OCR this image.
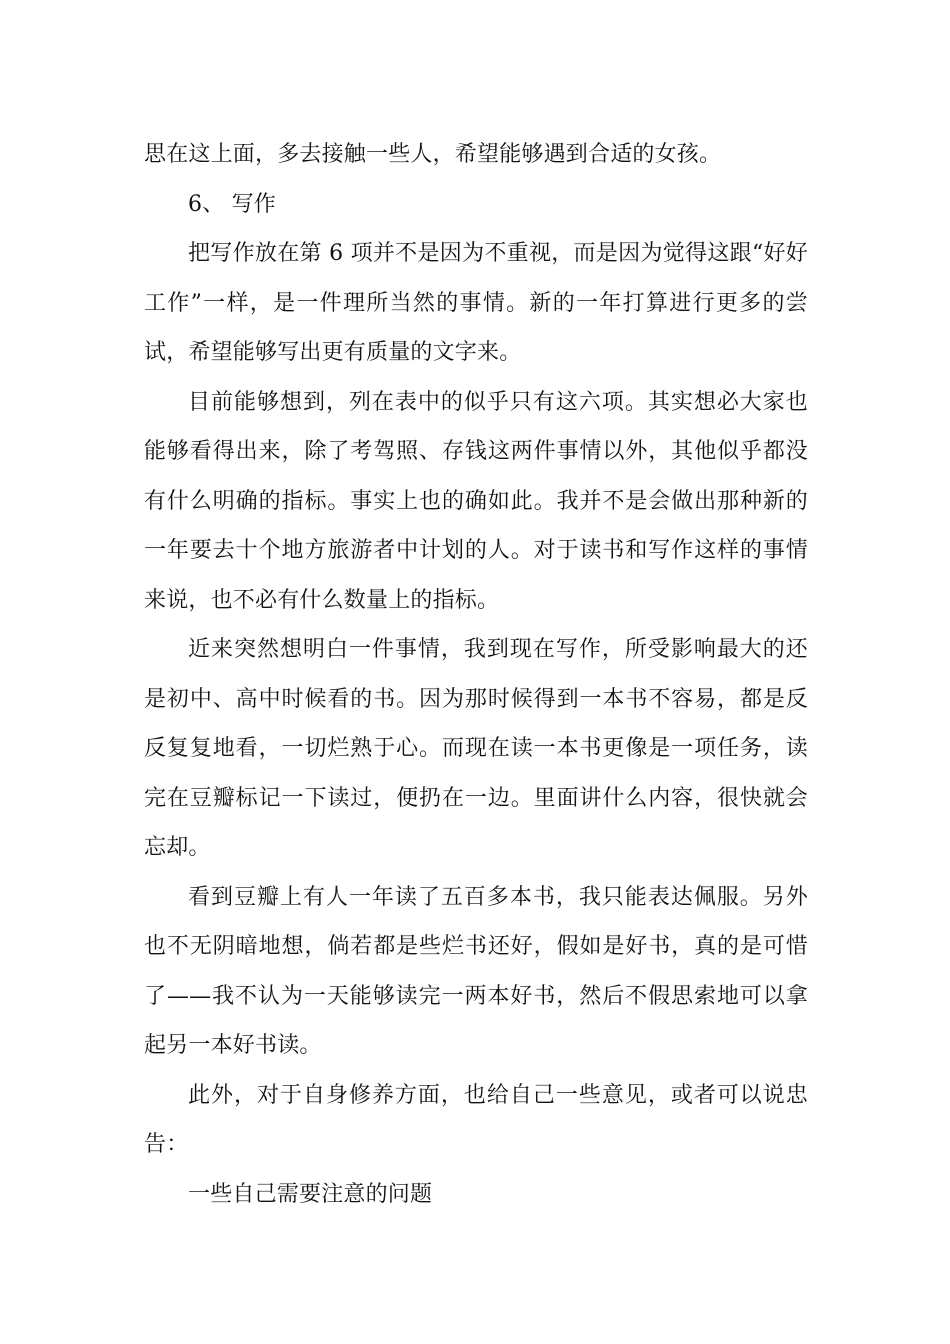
思在这上面，多去接触一些人，希望能够遇到合适的女孩。

6、 写作

把写作放在第 6 项并不是因为不重视，而是因为觉得这跟“好好工作”一样，是一件理所当然的事情。新的一年打算进行更多的尝试，希望能够写出更有质量的文字来。

目前能够想到，列在表中的似乎只有这六项。其实想必大家也能够看得出来，除了考驾照、存钱这两件事情以外，其他似乎都没有什么明确的指标。事实上也的确如此。我并不是会做出那种新的一年要去十个地方旅游者中计划的人。对于读书和写作这样的事情来说，也不必有什么数量上的指标。

近来突然想明白一件事情，我到现在写作，所受影响最大的还是初中、高中时候看的书。因为那时候得到一本书不容易，都是反反复复地看，一切烂熟于心。而现在读一本书更像是一项任务，读完在豆瓣标记一下读过，便扔在一边。里面讲什么内容，很快就会忘却。

看到豆瓣上有人一年读了五百多本书，我只能表达佩服。另外也不无阴暗地想，倘若都是些烂书还好，假如是好书，真的是可惜了——我不认为一天能够读完一两本好书，然后不假思索地可以拿起另一本好书读。

此外，对于自身修养方面，也给自己一些意见，或者可以说忠告：

一些自己需要注意的问题
